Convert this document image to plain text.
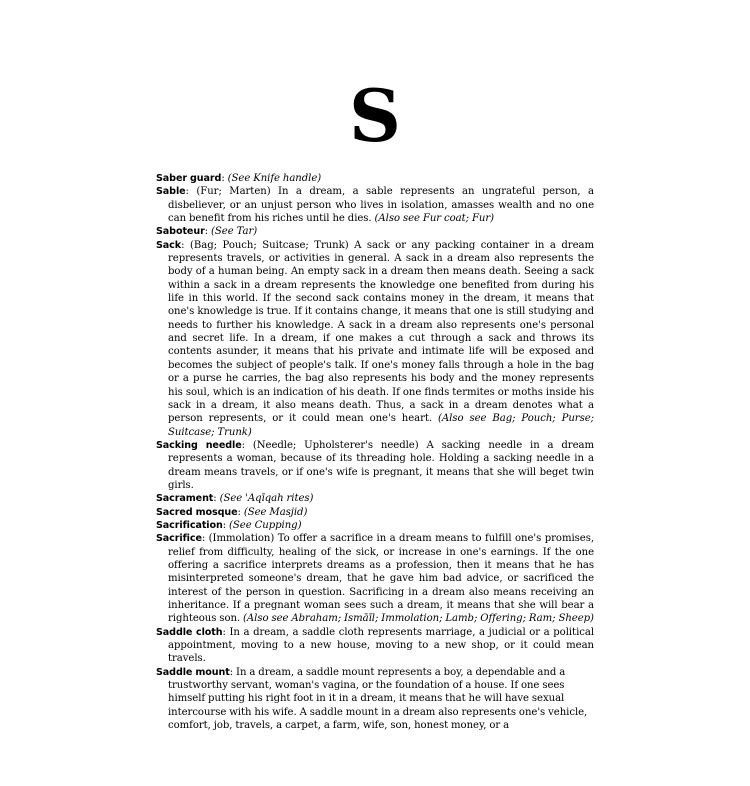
S

Saber guard: (See Knife handle)

Sable: (Fur; Marten) In a dream, a sable represents an ungrateful person, a disbeliever, or an unjust person who lives in isolation, amasses wealth and no one can benefit from his riches until he dies. (Also see Fur coat; Fur)

Saboteur: (See Tar)

Sack: (Bag; Pouch; Suitcase; Trunk) A sack or any packing container in a dream represents travels, or activities in general. A sack in a dream also represents the body of a human being. An empty sack in a dream then means death. Seeing a sack within a sack in a dream represents the knowledge one benefited from during his life in this world. If the second sack contains money in the dream, it means that one's knowledge is true. If it contains change, it means that one is still studying and needs to further his knowledge. A sack in a dream also represents one's personal and secret life. In a dream, if one makes a cut through a sack and throws its contents asunder, it means that his private and intimate life will be exposed and becomes the subject of people's talk. If one's money falls through a hole in the bag or a purse he carries, the bag also represents his body and the money represents his soul, which is an indication of his death. If one finds termites or moths inside his sack in a dream, it also means death. Thus, a sack in a dream denotes what a person represents, or it could mean one's heart. (Also see Bag; Pouch; Purse; Suitcase; Trunk)

Sacking needle: (Needle; Upholsterer's needle) A sacking needle in a dream represents a woman, because of its threading hole. Holding a sacking needle in a dream means travels, or if one's wife is pregnant, it means that she will beget twin girls.

Sacrament: (See 'Aqīqah rites)

Sacred mosque: (See Masjid)

Sacrification: (See Cupping)

Sacrifice: (Immolation) To offer a sacrifice in a dream means to fulfill one's promises, relief from difficulty, healing of the sick, or increase in one's earnings. If the one offering a sacrifice interprets dreams as a profession, then it means that he has misinterpreted someone's dream, that he gave him bad advice, or sacrificed the interest of the person in question. Sacrificing in a dream also means receiving an inheritance. If a pregnant woman sees such a dream, it means that she will bear a righteous son. (Also see Abraham; Ismāīl; Immolation; Lamb; Offering; Ram; Sheep)

Saddle cloth: In a dream, a saddle cloth represents marriage, a judicial or a political appointment, moving to a new house, moving to a new shop, or it could mean travels.

Saddle mount: In a dream, a saddle mount represents a boy, a dependable and a trustworthy servant, woman's vagina, or the foundation of a house. If one sees himself putting his right foot in it in a dream, it means that he will have sexual intercourse with his wife. A saddle mount in a dream also represents one's vehicle, comfort, job, travels, a carpet, a farm, wife, son, honest money, or a
